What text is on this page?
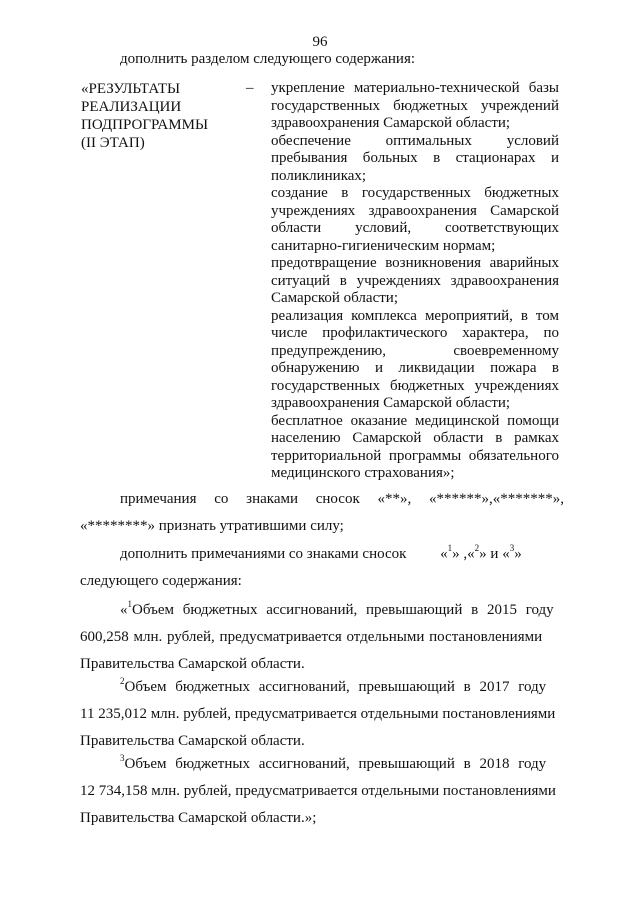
96
дополнить разделом следующего содержания:
«РЕЗУЛЬТАТЫ
РЕАЛИЗАЦИИ
ПОДПРОГРАММЫ
(II ЭТАП)
– укрепление материально-технической базы государственных бюджетных учреждений здравоохранения Самарской области;

обеспечение оптимальных условий пребывания больных в стационарах и поликлиниках;

создание в государственных бюджетных учреждениях здравоохранения Самарской области условий, соответствующих санитарно-гигиеническим нормам;

предотвращение возникновения аварийных ситуаций в учреждениях здравоохранения Самарской области;

реализация комплекса мероприятий, в том числе профилактического характера, по предупреждению, своевременному обнаружению и ликвидации пожара в государственных бюджетных учреждениях здравоохранения Самарской области;

бесплатное оказание медицинской помощи населению Самарской области в рамках территориальной программы обязательного медицинского страхования»;

примечания со знаками сносок «**», «******»,«*******»,
«********» признать утратившими силу;
дополнить примечаниями со знаками сносок «$^1$» ,«$^2$» и «$^3$»
следующего содержания:
«$^1$Объем бюджетных ассигнований, превышающий в 2015 году
600,258 млн. рублей, предусматривается отдельными постановлениями
Правительства Самарской области.
$^2$Объем бюджетных ассигнований, превышающий в 2017 году
11 235,012 млн. рублей, предусматривается отдельными постановлениями
Правительства Самарской области.
$^3$Объем бюджетных ассигнований, превышающий в 2018 году
12 734,158 млн. рублей, предусматривается отдельными постановлениями
Правительства Самарской области.»;
